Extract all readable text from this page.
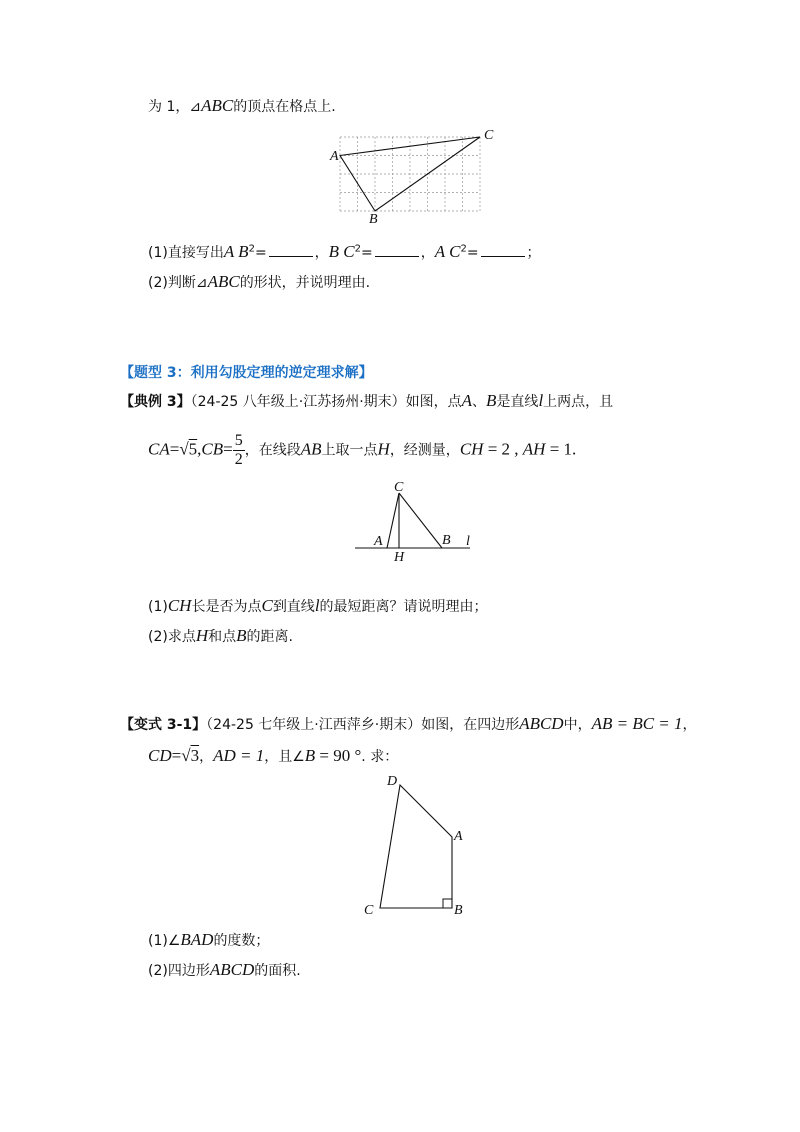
为 1，⊿ABC的顶点在格点上.
A
C
B
(1)直接写出A $B^2=$	，B $C^2=$	，A $C^2=$	；
(2)判断⊿ABC的形状，并说明理由.
【题型 3：利用勾股定理的逆定理求解】
【典例 3】（24-25 八年级上·江苏扬州·期末）如图，点A、B是直线l上两点，且
$CA=√5,CB= \frac{5}{2}$ ，在线段AB上取一点H，经测量，CH = 2 , AH = 1.
C
A
H
B l
(1)CH长是否为点C到直线l的最短距离？请说明理由；
(2)求点H和点B的距离.
【变式 3-1】（24-25 七年级上·江西萍乡·期末）如图，在四边形ABCD中，AB = BC = 1，
CD=√3，AD = 1，且∠B = 90 °. 求：
D
A
C	B
(1)∠BAD的度数；
(2)四边形ABCD的面积.
